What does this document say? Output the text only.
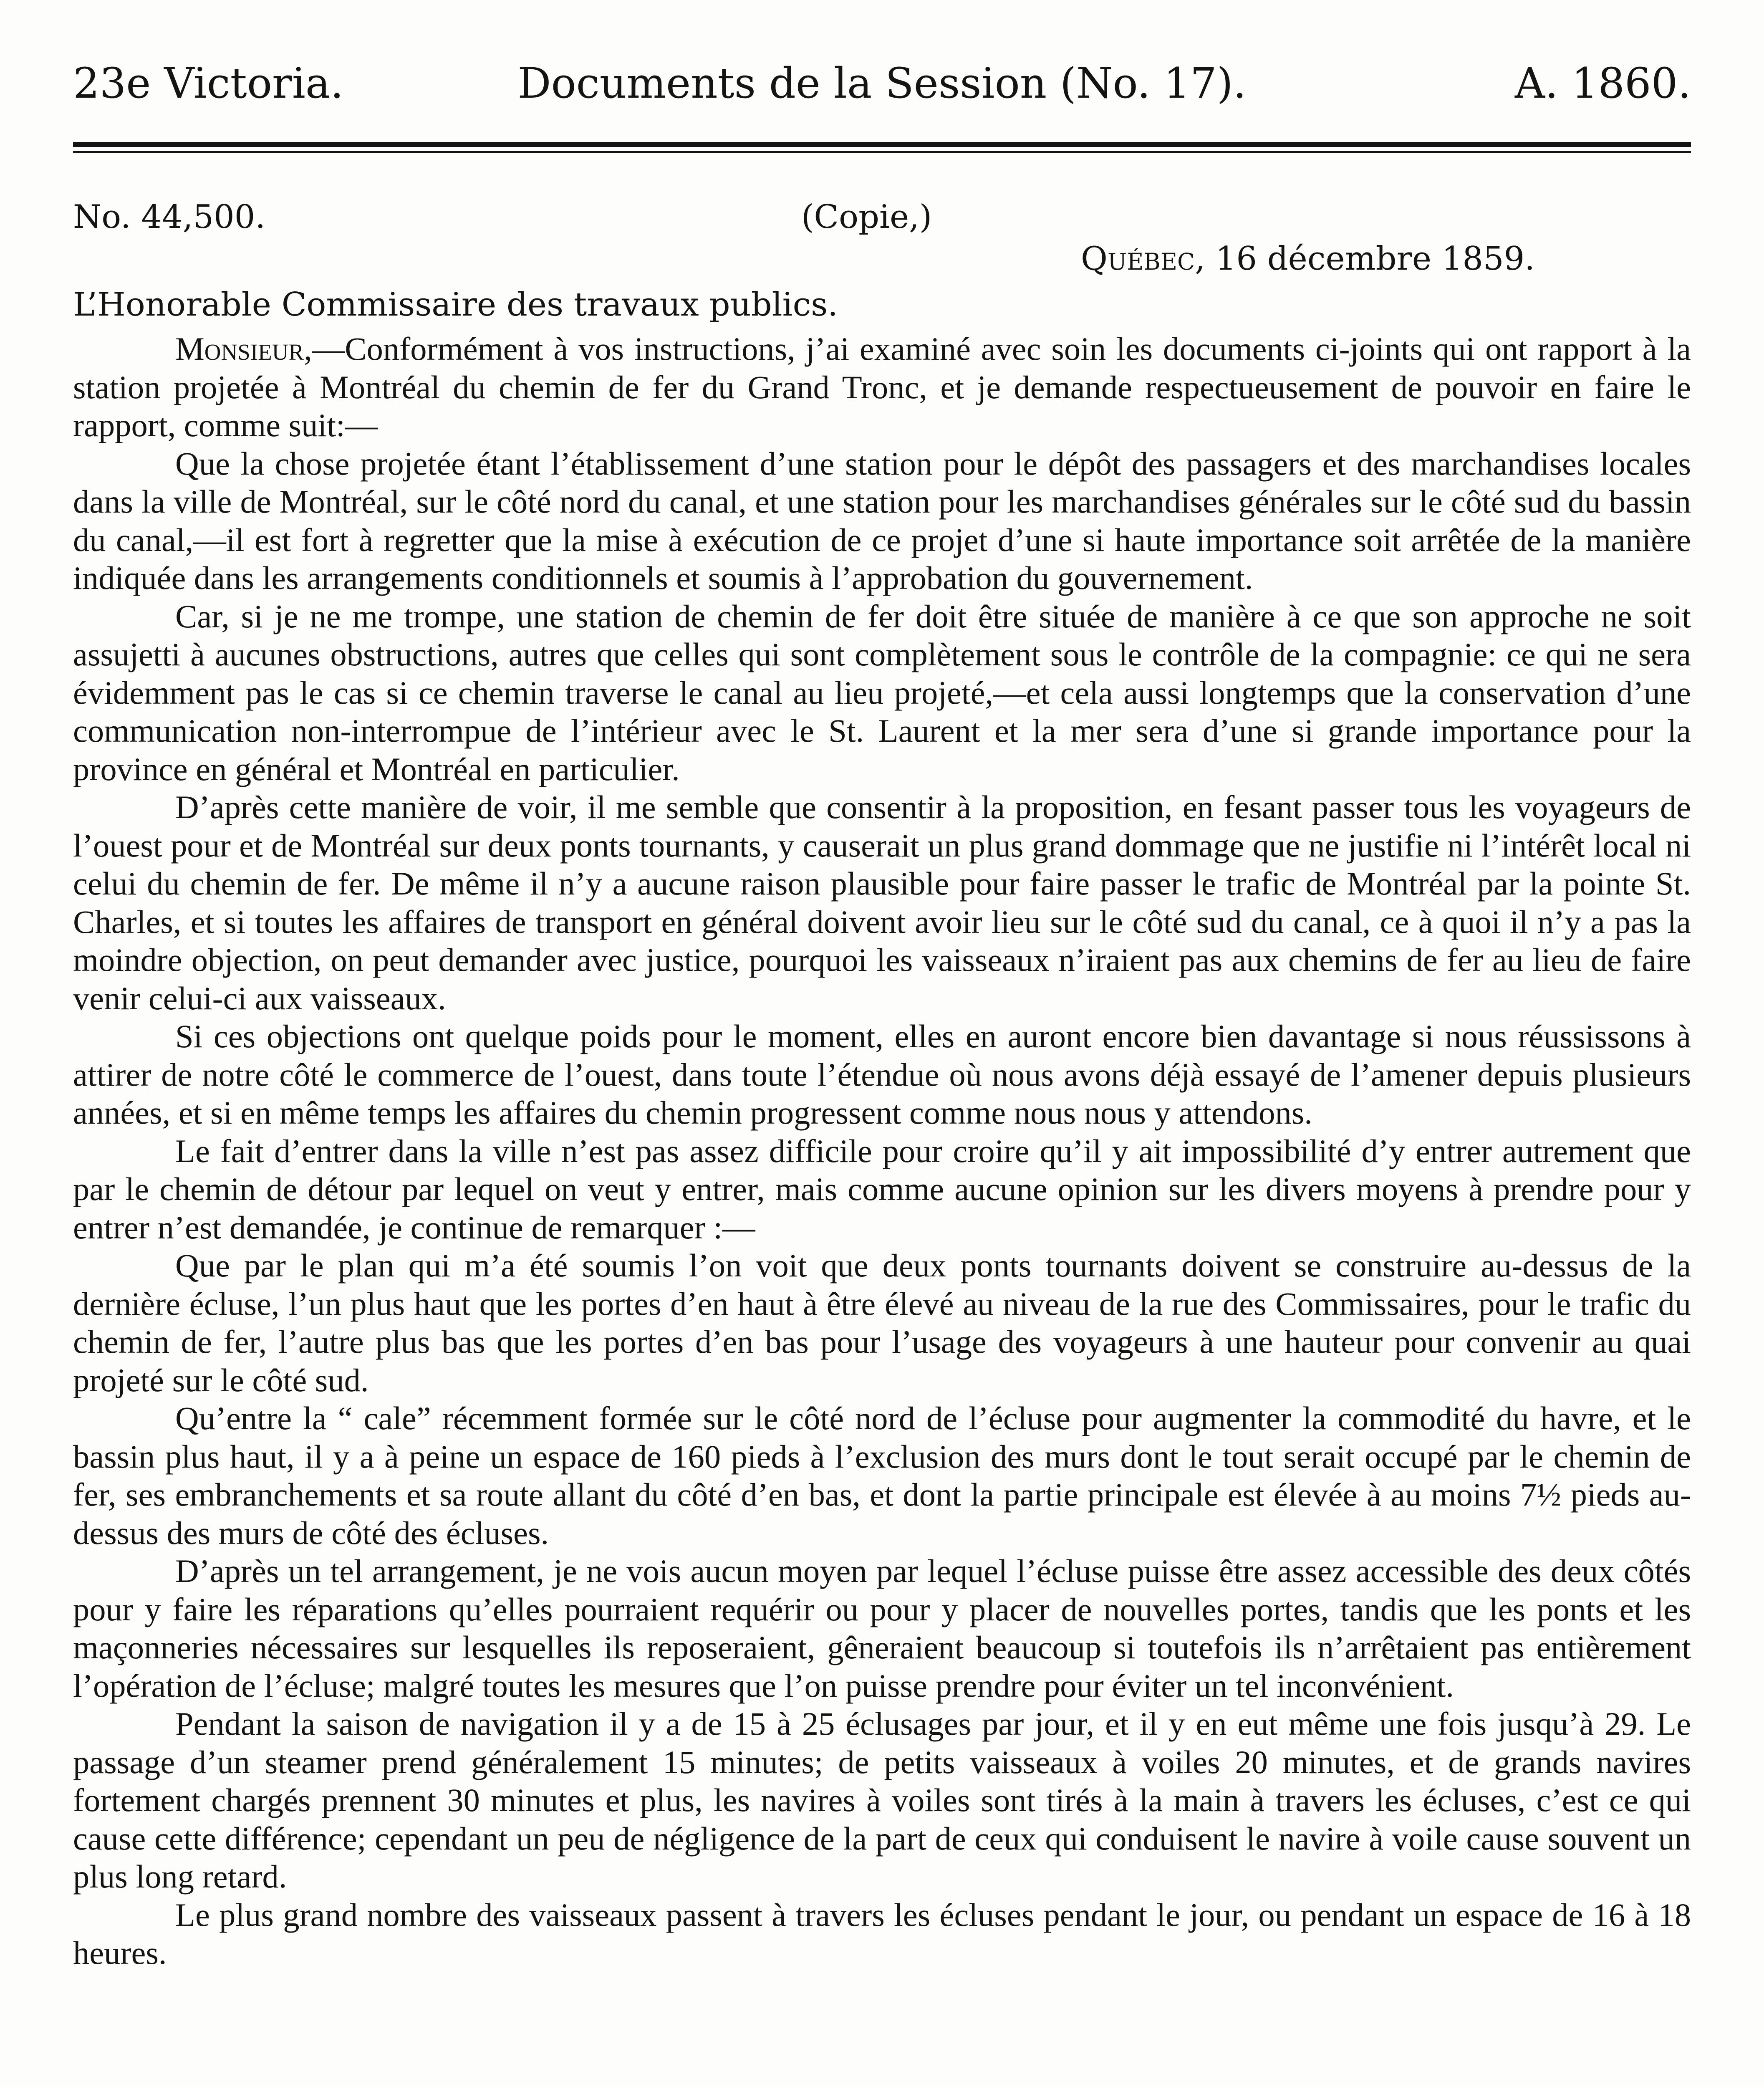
23e Victoria.	Documents de la Session (No. 17).	A. 1860.
No. 44,500.	(Copie,)
Québec, 16 décembre 1859.
L’Honorable Commissaire des travaux publics.

Monsieur,—Conformément à vos instructions, j’ai examiné avec soin les documents ci-joints qui ont rapport à la station projetée à Montréal du chemin de fer du Grand Tronc, et je demande respectueusement de pouvoir en faire le rapport, comme suit:—

Que la chose projetée étant l’établissement d’une station pour le dépôt des passagers et des marchandises locales dans la ville de Montréal, sur le côté nord du canal, et une station pour les marchandises générales sur le côté sud du bassin du canal,—il est fort à regretter que la mise à exécution de ce projet d’une si haute importance soit arrêtée de la manière indiquée dans les arrangements conditionnels et soumis à l’approbation du gouvernement.

Car, si je ne me trompe, une station de chemin de fer doit être située de manière à ce que son approche ne soit assujetti à aucunes obstructions, autres que celles qui sont complètement sous le contrôle de la compagnie: ce qui ne sera évidemment pas le cas si ce chemin traverse le canal au lieu projeté,—et cela aussi longtemps que la conservation d’une communication non-interrompue de l’intérieur avec le St. Laurent et la mer sera d’une si grande importance pour la province en général et Montréal en particulier.

D’après cette manière de voir, il me semble que consentir à la proposition, en fesant passer tous les voyageurs de l’ouest pour et de Montréal sur deux ponts tournants, y causerait un plus grand dommage que ne justifie ni l’intérêt local ni celui du chemin de fer. De même il n’y a aucune raison plausible pour faire passer le trafic de Montréal par la pointe St. Charles, et si toutes les affaires de transport en général doivent avoir lieu sur le côté sud du canal, ce à quoi il n’y a pas la moindre objection, on peut demander avec justice, pourquoi les vaisseaux n’iraient pas aux chemins de fer au lieu de faire venir celui-ci aux vaisseaux.

Si ces objections ont quelque poids pour le moment, elles en auront encore bien davantage si nous réussissons à attirer de notre côté le commerce de l’ouest, dans toute l’étendue où nous avons déjà essayé de l’amener depuis plusieurs années, et si en même temps les affaires du chemin progressent comme nous nous y attendons.

Le fait d’entrer dans la ville n’est pas assez difficile pour croire qu’il y ait impossibilité d’y entrer autrement que par le chemin de détour par lequel on veut y entrer, mais comme aucune opinion sur les divers moyens à prendre pour y entrer n’est demandée, je continue de remarquer :—

Que par le plan qui m’a été soumis l’on voit que deux ponts tournants doivent se construire au-dessus de la dernière écluse, l’un plus haut que les portes d’en haut à être élevé au niveau de la rue des Commissaires, pour le trafic du chemin de fer, l’autre plus bas que les portes d’en bas pour l’usage des voyageurs à une hauteur pour convenir au quai projeté sur le côté sud.

Qu’entre la “ cale” récemment formée sur le côté nord de l’écluse pour augmenter la commodité du havre, et le bassin plus haut, il y a à peine un espace de 160 pieds à l’exclusion des murs dont le tout serait occupé par le chemin de fer, ses embranchements et sa route allant du côté d’en bas, et dont la partie principale est élevée à au moins 7½ pieds au-dessus des murs de côté des écluses.

D’après un tel arrangement, je ne vois aucun moyen par lequel l’écluse puisse être assez accessible des deux côtés pour y faire les réparations qu’elles pourraient requérir ou pour y placer de nouvelles portes, tandis que les ponts et les maçonneries nécessaires sur lesquelles ils reposeraient, gêneraient beaucoup si toutefois ils n’arrêtaient pas entièrement l’opération de l’écluse; malgré toutes les mesures que l’on puisse prendre pour éviter un tel inconvénient.

Pendant la saison de navigation il y a de 15 à 25 éclusages par jour, et il y en eut même une fois jusqu’à 29. Le passage d’un steamer prend généralement 15 minutes; de petits vaisseaux à voiles 20 minutes, et de grands navires fortement chargés prennent 30 minutes et plus, les navires à voiles sont tirés à la main à travers les écluses, c’est ce qui cause cette différence; cependant un peu de négligence de la part de ceux qui conduisent le navire à voile cause souvent un plus long retard.

Le plus grand nombre des vaisseaux passent à travers les écluses pendant le jour, ou pendant un espace de 16 à 18 heures.
